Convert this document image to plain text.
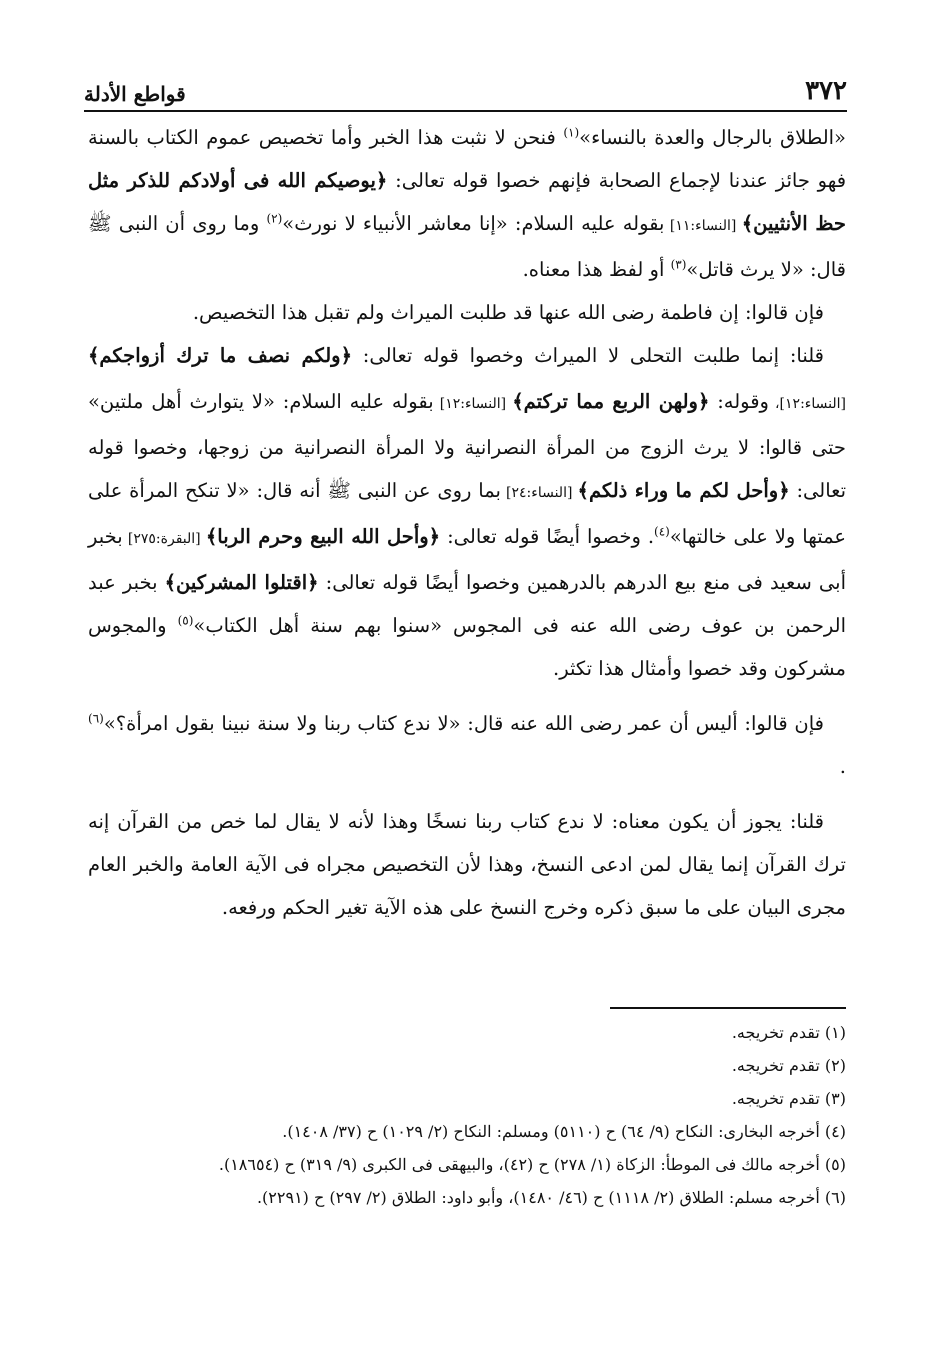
٣٧٢
قواطع الأدلة

«الطلاق بالرجال والعدة بالنساء»$^{(١)}$ فنحن لا نثبت هذا الخبر وأما تخصيص عموم الكتاب بالسنة فهو جائز عندنا لإجماع الصحابة فإنهم خصوا قوله تعالى: ﴿يوصيكم الله فى أولادكم للذكر مثل حظ الأنثيين﴾ [النساء:١١] بقوله عليه السلام: «إنا معاشر الأنبياء لا نورث»$^{(٢)}$ وما روى أن النبى ﷺ قال: «لا يرث قاتل»$^{(٣)}$ أو لفظ هذا معناه.

فإن قالوا: إن فاطمة رضى الله عنها قد طلبت الميراث ولم تقبل هذا التخصيص.

قلنا: إنما طلبت التحلى لا الميراث وخصوا قوله تعالى: ﴿ولكم نصف ما ترك أزواجكم﴾ [النساء:١٢]، وقوله: ﴿ولهن الربع مما تركتم﴾ [النساء:١٢] بقوله عليه السلام: «لا يتوارث أهل ملتين» حتى قالوا: لا يرث الزوج من المرأة النصرانية ولا المرأة النصرانية من زوجها، وخصوا قوله تعالى: ﴿وأحل لكم ما وراء ذلكم﴾ [النساء:٢٤] بما روى عن النبى ﷺ أنه قال: «لا تنكح المرأة على عمتها ولا على خالتها»$^{(٤)}$. وخصوا أيضًا قوله تعالى: ﴿وأحل الله البيع وحرم الربا﴾ [البقرة:٢٧٥] بخبر أبى سعيد فى منع بيع الدرهم بالدرهمين وخصوا أيضًا قوله تعالى: ﴿اقتلوا المشركين﴾ بخبر عبد الرحمن بن عوف رضى الله عنه فى المجوس «سنوا بهم سنة أهل الكتاب»$^{(٥)}$ والمجوس مشركون وقد خصوا وأمثال هذا تكثر.

فإن قالوا: أليس أن عمر رضى الله عنه قال: «لا ندع كتاب ربنا ولا سنة نبينا بقول امرأة؟»$^{(٦)}$ .

قلنا: يجوز أن يكون معناه: لا ندع كتاب ربنا نسخًا وهذا لأنه لا يقال لما خص من القرآن إنه ترك القرآن إنما يقال لمن ادعى النسخ، وهذا لأن التخصيص مجراه فى الآية العامة والخبر العام مجرى البيان على ما سبق ذكره وخرج النسخ على هذه الآية تغير الحكم ورفعه.

(١) تقدم تخريجه.

(٢) تقدم تخريجه.

(٣) تقدم تخريجه.

(٤) أخرجه البخارى: النكاح (٩/ ٦٤) ح (٥١١٠) ومسلم: النكاح (٢/ ١٠٢٩) ح (٣٧/ ١٤٠٨).

(٥) أخرجه مالك فى الموطأ: الزكاة (١/ ٢٧٨) ح (٤٢)، والبيهقى فى الكبرى (٩/ ٣١٩) ح (١٨٦٥٤).

(٦) أخرجه مسلم: الطلاق (٢/ ١١١٨) ح (٤٦/ ١٤٨٠)، وأبو داود: الطلاق (٢/ ٢٩٧) ح (٢٢٩١).
